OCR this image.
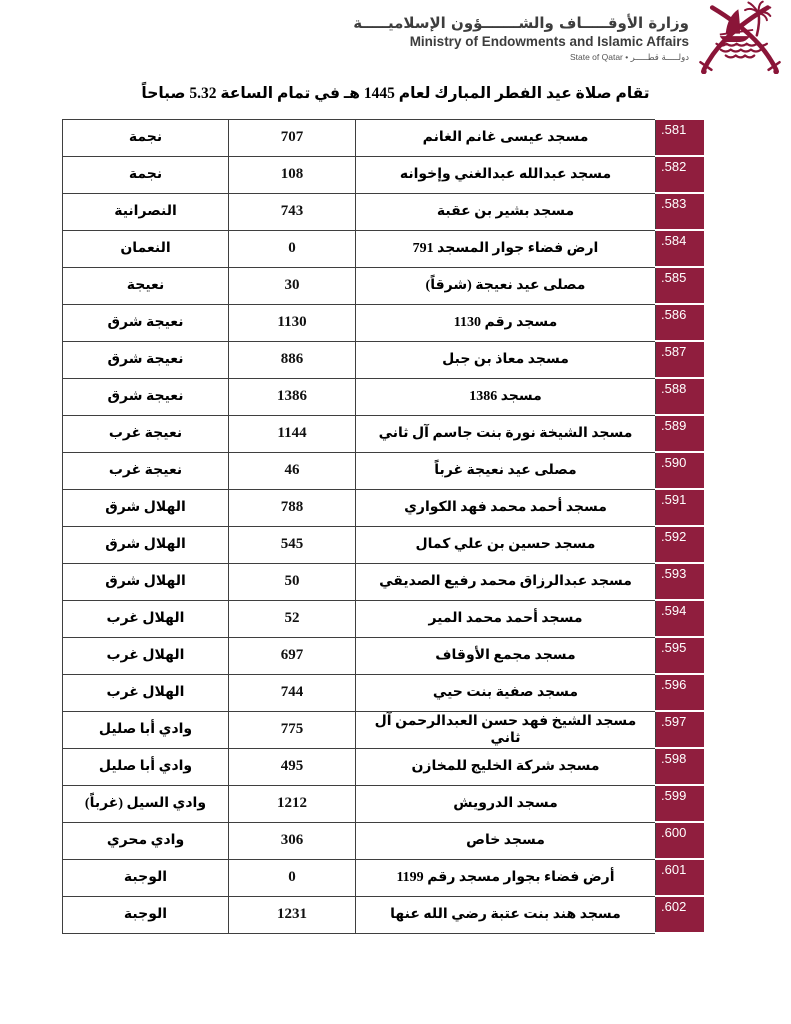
وزارة الأوقـــــاف والشـــــــؤون الإسلاميـــــة
Ministry of Endowments and Islamic Affairs
State of Qatar • دولـــــة قطـــــر
تقام صلاة عيد الفطر المبارك لعام 1445 هـ في تمام الساعة 5.32 صباحاً
.581	مسجد عيسى غانم الغانم	707	نجمة
.582	مسجد عبدالله عبدالغني وإخوانه	108	نجمة
.583	مسجد بشير بن عقبة	743	النصرانية
.584	ارض فضاء جوار المسجد 791	0	النعمان
.585	مصلى عيد نعيجة (شرقاً)	30	نعيجة
.586	مسجد رقم 1130	1130	نعيجة شرق
.587	مسجد معاذ بن جبل	886	نعيجة شرق
.588	مسجد 1386	1386	نعيجة شرق
.589	مسجد الشيخة نورة بنت جاسم آل ثاني	1144	نعيجة غرب
.590	مصلى عيد نعيجة غرباً	46	نعيجة غرب
.591	مسجد أحمد محمد فهد الكواري	788	الهلال شرق
.592	مسجد حسين بن علي كمال	545	الهلال شرق
.593	مسجد عبدالرزاق محمد رفيع الصديقي	50	الهلال شرق
.594	مسجد أحمد محمد المير	52	الهلال غرب
.595	مسجد مجمع الأوقاف	697	الهلال غرب
.596	مسجد صفية بنت حيي	744	الهلال غرب
.597	مسجد الشيخ فهد حسن العبدالرحمن آل ثاني	775	وادي أبا صليل
.598	مسجد شركة الخليج للمخازن	495	وادي أبا صليل
.599	مسجد الدرويش	1212	وادي السيل (غرباً)
.600	مسجد خاص	306	وادي محري
.601	أرض فضاء بجوار مسجد رقم 1199	0	الوجبة
.602	مسجد هند بنت عتبة رضي الله عنها	1231	الوجبة
